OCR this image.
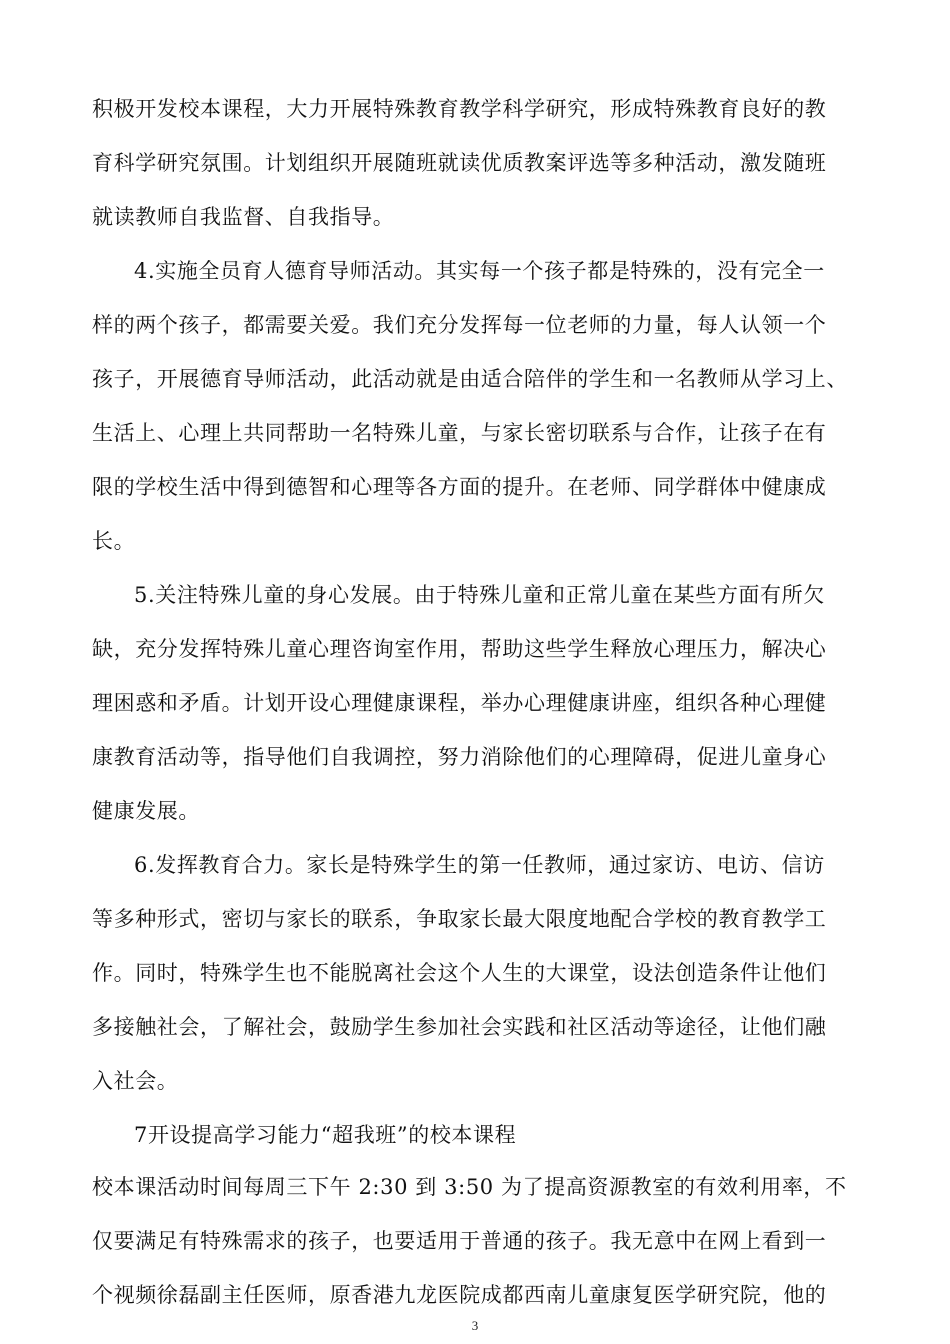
积极开发校本课程，大力开展特殊教育教学科学研究，形成特殊教育良好的教
育科学研究氛围。计划组织开展随班就读优质教案评选等多种活动，激发随班
就读教师自我监督、自我指导。
4.实施全员育人德育导师活动。其实每一个孩子都是特殊的，没有完全一
样的两个孩子，都需要关爱。我们充分发挥每一位老师的力量，每人认领一个
孩子，开展德育导师活动，此活动就是由适合陪伴的学生和一名教师从学习上、
生活上、心理上共同帮助一名特殊儿童，与家长密切联系与合作，让孩子在有
限的学校生活中得到德智和心理等各方面的提升。在老师、同学群体中健康成
长。
5.关注特殊儿童的身心发展。由于特殊儿童和正常儿童在某些方面有所欠
缺，充分发挥特殊儿童心理咨询室作用，帮助这些学生释放心理压力，解决心
理困惑和矛盾。计划开设心理健康课程，举办心理健康讲座，组织各种心理健
康教育活动等，指导他们自我调控，努力消除他们的心理障碍，促进儿童身心
健康发展。
6.发挥教育合力。家长是特殊学生的第一任教师，通过家访、电访、信访
等多种形式，密切与家长的联系，争取家长最大限度地配合学校的教育教学工
作。同时，特殊学生也不能脱离社会这个人生的大课堂，设法创造条件让他们
多接触社会，了解社会，鼓励学生参加社会实践和社区活动等途径，让他们融
入社会。
7开设提高学习能力“超我班”的校本课程
校本课活动时间每周三下午 2:30 到 3:50 为了提高资源教室的有效利用率，不
仅要满足有特殊需求的孩子，也要适用于普通的孩子。我无意中在网上看到一
个视频徐磊副主任医师，原香港九龙医院成都西南儿童康复医学研究院，他的
3
